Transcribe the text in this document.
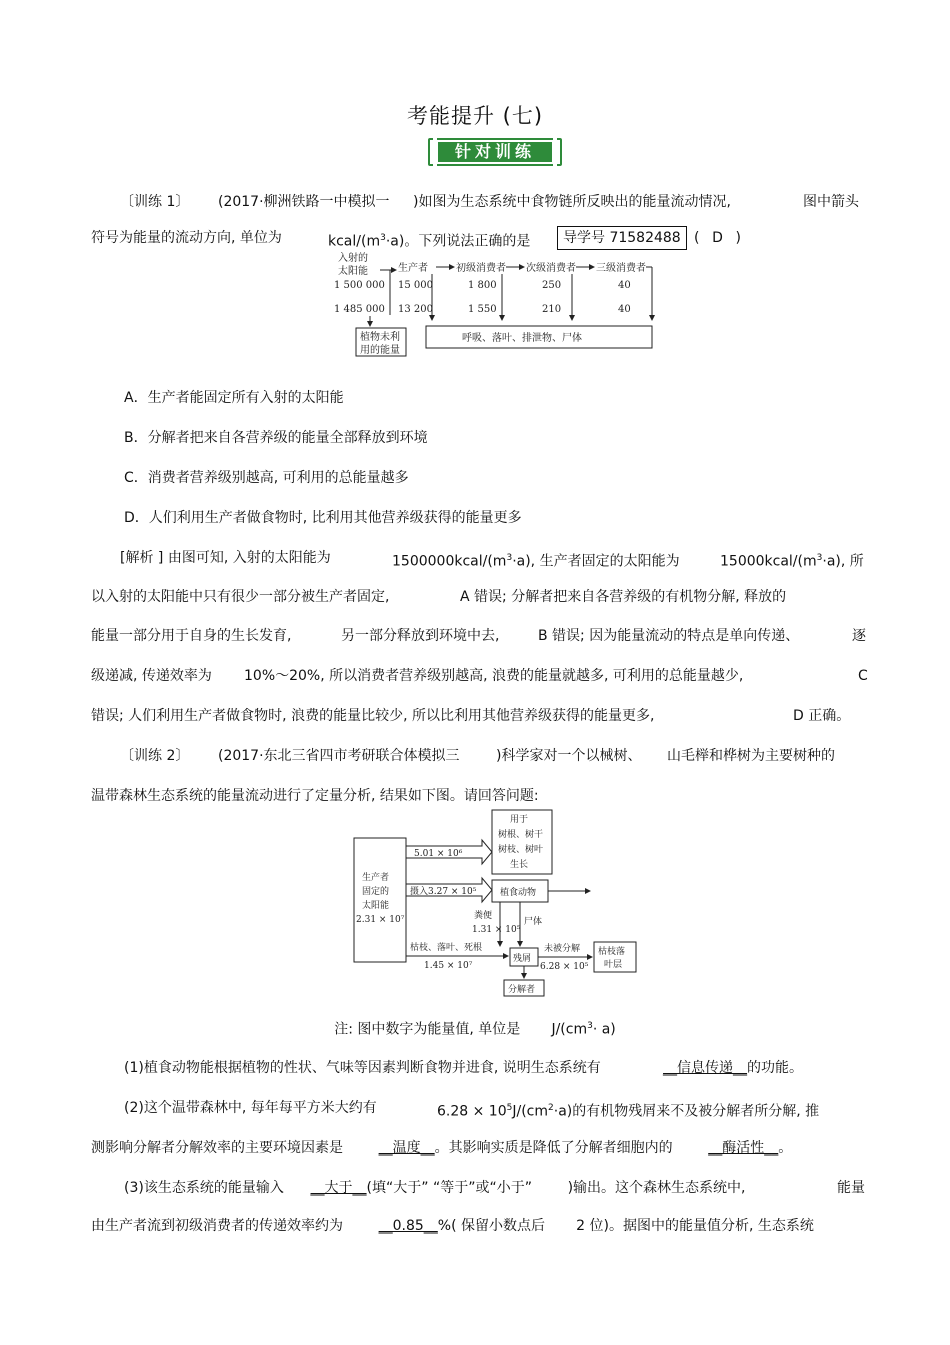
考能提升 (七)
针对训练
〔训练 1〕 (2017·柳洲铁路一中模拟一 )如图为生态系统中食物链所反映出的能量流动情况,	图中箭头
符号为能量的流动方向, 单位为	kcal/$(m^3\cdot a)$。下列说法正确的是	导学号 71582488 ( D )
入射的
太阳能	生产者	初级消费者 次级消费者 三级消费者
1 500 000 15 000	1 800	250	40
1 485 000 13 200	1 550	210	40
植物未利
用的能量
呼吸、落叶、排泄物、尸体
A．生产者能固定所有入射的太阳能
B．分解者把来自各营养级的能量全部释放到环境
C．消费者营养级别越高, 可利用的总能量越多
D．人们利用生产者做食物时, 比利用其他营养级获得的能量更多
[解析 ] 由图可知, 入射的太阳能为	$1500000kcal/(m^3\cdot a)$, 生产者固定的太阳能为	$15000kcal/(m^3\cdot a)$, 所
以入射的太阳能中只有很少一部分被生产者固定,	A 错误; 分解者把来自各营养级的有机物分解, 释放的
能量一部分用于自身的生长发育,	另一部分释放到环境中去,	B 错误; 因为能量流动的特点是单向传递、	逐
级递减, 传递效率为 10%～20%, 所以消费者营养级别越高, 浪费的能量就越多, 可利用的总能量越少,	C
错误; 人们利用生产者做食物时, 浪费的能量比较少, 所以比利用其他营养级获得的能量更多,	D 正确。
〔训练 2〕 (2017·东北三省四市考研联合体模拟三	)科学家对一个以械树、 山毛榉和桦树为主要树种的
温带森林生态系统的能量流动进行了定量分析, 结果如下图。请回答问题:
生产者
固定的
太阳能
2.31 × 10⁷
5.01 × 10⁶
用于
树根、树干
树枝、树叶
生长
摄入3.27 × 10⁵	植食动物
粪便
1.31 × 10⁵
尸体
枯枝、落叶、死根
1.45 × 10⁷
残屑
未被分解
6.28 × 10⁵
枯枝落
叶层
分解者
注: 图中数字为能量值, 单位是 $J/(cm^3\cdot a)$
(1)植食动物能根据植物的性状、气味等因素判断食物并进食, 说明生态系统有	__信息传递__的功能。
(2)这个温带森林中, 每年每平方米大约有	$6.28 \times 10^5J/(cm^2\cdot a)$的有机物残屑来不及被分解者所分解, 推
测影响分解者分解效率的主要环境因素是	__温度__。其影响实质是降低了分解者细胞内的	__酶活性__。
(3)该生态系统的能量输入 __大于__(填“大于” “等于”或“小于”	)输出。这个森林生态系统中,	能量
由生产者流到初级消费者的传递效率约为	__0.85__%( 保留小数点后 2 位)。据图中的能量值分析, 生态系统
